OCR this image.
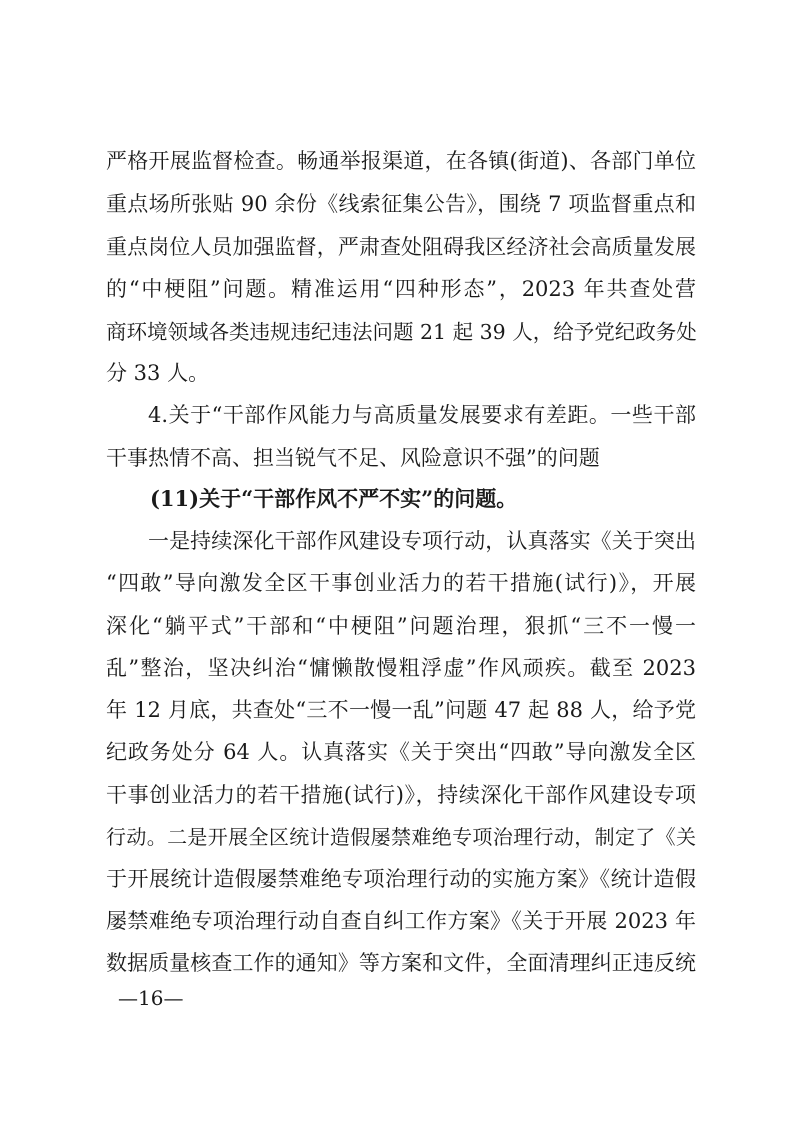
严格开展监督检查。畅通举报渠道，在各镇(街道)、各部门单位
重点场所张贴 90 余份《线索征集公告》，围绕 7 项监督重点和
重点岗位人员加强监督，严肃查处阻碍我区经济社会高质量发展
的“中梗阻”问题。精准运用“四种形态”，2023 年共查处营
商环境领域各类违规违纪违法问题 21 起 39 人，给予党纪政务处
分 33 人。
4.关于“干部作风能力与高质量发展要求有差距。一些干部
干事热情不高、担当锐气不足、风险意识不强”的问题
(11)关于“干部作风不严不实”的问题。
一是持续深化干部作风建设专项行动，认真落实《关于突出
“四敢”导向激发全区干事创业活力的若干措施(试行)》，开展
深化“躺平式”干部和“中梗阻”问题治理，狠抓“三不一慢一
乱”整治，坚决纠治“慵懒散慢粗浮虚”作风顽疾。截至 2023
年 12 月底，共查处“三不一慢一乱”问题 47 起 88 人，给予党
纪政务处分 64 人。认真落实《关于突出“四敢”导向激发全区
干事创业活力的若干措施(试行)》，持续深化干部作风建设专项
行动。二是开展全区统计造假屡禁难绝专项治理行动，制定了《关
于开展统计造假屡禁难绝专项治理行动的实施方案》《统计造假
屡禁难绝专项治理行动自查自纠工作方案》《关于开展 2023 年
数据质量核查工作的通知》等方案和文件，全面清理纠正违反统
—16—
